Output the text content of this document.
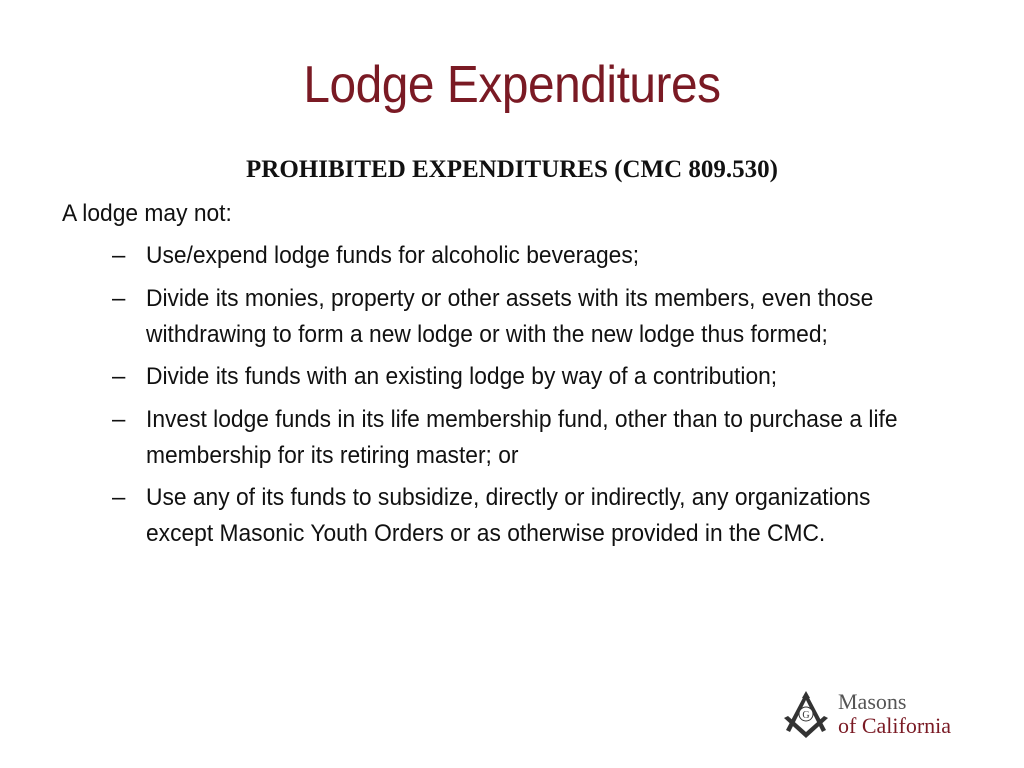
Lodge Expenditures
PROHIBITED EXPENDITURES (CMC 809.530)
A lodge may not:
– Use/expend lodge funds for alcoholic beverages;
– Divide its monies, property or other assets with its members, even those withdrawing to form a new lodge or with the new lodge thus formed;
– Divide its funds with an existing lodge by way of a contribution;
– Invest lodge funds in its life membership fund, other than to purchase a life membership for its retiring master; or
– Use any of its funds to subsidize, directly or indirectly, any organizations except Masonic Youth Orders or as otherwise provided in the CMC.
G
Masons
of California
